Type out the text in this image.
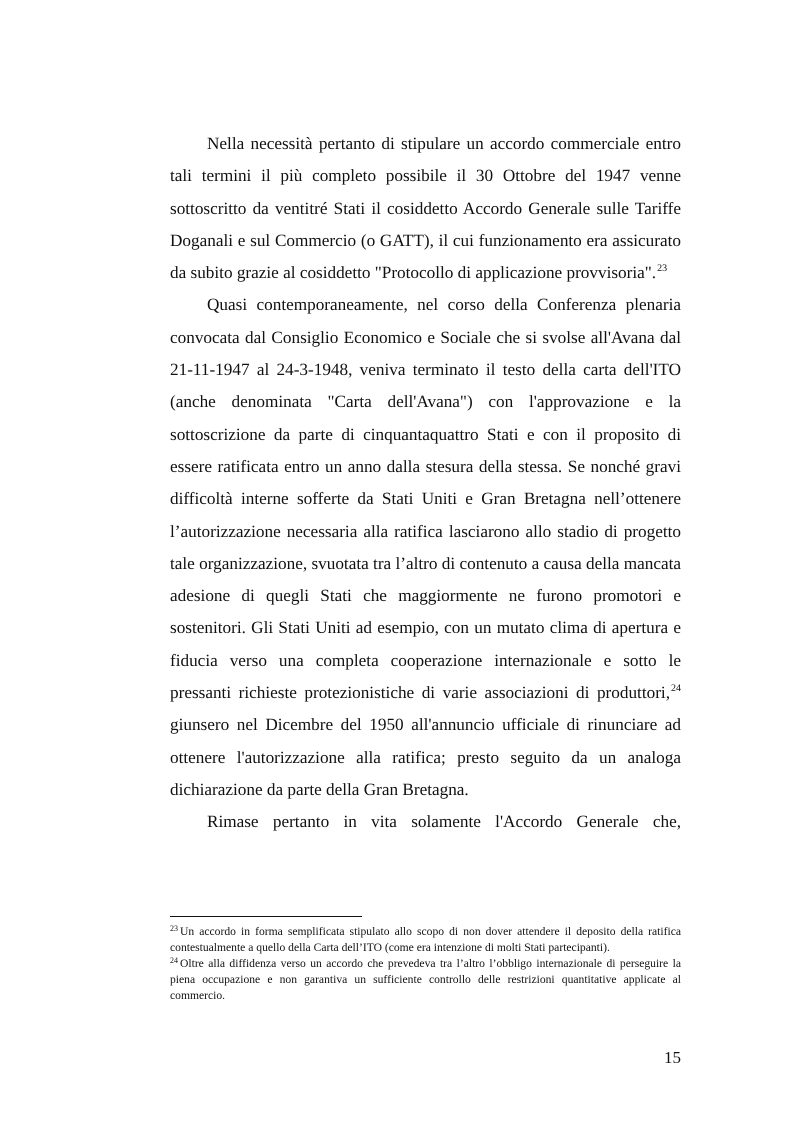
Nella necessità pertanto di stipulare un accordo commerciale entro tali termini il più completo possibile il 30 Ottobre del 1947 venne sottoscritto da ventitré Stati il cosiddetto Accordo Generale sulle Tariffe Doganali e sul Commercio (o GATT), il cui funzionamento era assicurato da subito grazie al cosiddetto "Protocollo di applicazione provvisoria".$^{23}$

Quasi contemporaneamente, nel corso della Conferenza plenaria convocata dal Consiglio Economico e Sociale che si svolse all'Avana dal 21-11-1947 al 24-3-1948, veniva terminato il testo della carta dell'ITO (anche denominata "Carta dell'Avana") con l'approvazione e la sottoscrizione da parte di cinquantaquattro Stati e con il proposito di essere ratificata entro un anno dalla stesura della stessa. Se nonché gravi difficoltà interne sofferte da Stati Uniti e Gran Bretagna nell’ottenere l’autorizzazione necessaria alla ratifica lasciarono allo stadio di progetto tale organizzazione, svuotata tra l’altro di contenuto a causa della mancata adesione di quegli Stati che maggiormente ne furono promotori e sostenitori. Gli Stati Uniti ad esempio, con un mutato clima di apertura e fiducia verso una completa cooperazione internazionale e sotto le pressanti richieste protezionistiche di varie associazioni di produttori,$^{24}$ giunsero nel Dicembre del 1950 all'annuncio ufficiale di rinunciare ad ottenere l'autorizzazione alla ratifica; presto seguito da un analoga dichiarazione da parte della Gran Bretagna.

Rimase pertanto in vita solamente l'Accordo Generale che,

$^{23}$ Un accordo in forma semplificata stipulato allo scopo di non dover attendere il deposito della ratifica contestualmente a quello della Carta dell’ITO (come era intenzione di molti Stati partecipanti).

$^{24}$ Oltre alla diffidenza verso un accordo che prevedeva tra l’altro l’obbligo internazionale di perseguire la piena occupazione e non garantiva un sufficiente controllo delle restrizioni quantitative applicate al commercio.

15
